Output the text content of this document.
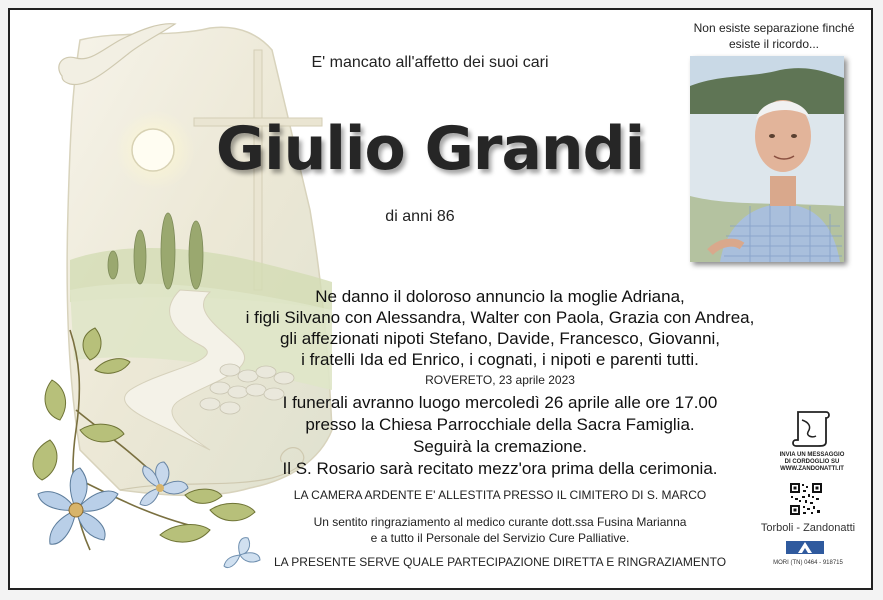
E' mancato all'affetto dei suoi cari
Giulio Grandi
di anni 86
Non esiste separazione finché esiste il ricordo...
Ne danno il doloroso annuncio la moglie Adriana,
i figli Silvano con Alessandra, Walter con Paola, Grazia con Andrea,
gli affezionati nipoti Stefano, Davide, Francesco, Giovanni,
i fratelli Ida ed Enrico, i cognati, i nipoti e parenti tutti.
ROVERETO, 23 aprile 2023
I funerali avranno luogo mercoledì 26 aprile alle ore 17.00
presso la Chiesa Parrocchiale della Sacra Famiglia.
Seguirà la cremazione.
Il S. Rosario sarà recitato mezz'ora prima della cerimonia.
LA CAMERA ARDENTE E' ALLESTITA PRESSO IL CIMITERO DI S. MARCO
Un sentito ringraziamento al medico curante dott.ssa Fusina Marianna
e a tutto il Personale del Servizio Cure Palliative.
LA PRESENTE SERVE QUALE PARTECIPAZIONE DIRETTA E RINGRAZIAMENTO
INVIA UN MESSAGGIO
DI CORDOGLIO SU
WWW.ZANDONATTI.IT
Torboli - Zandonatti
MORI (TN) 0464 - 918715
